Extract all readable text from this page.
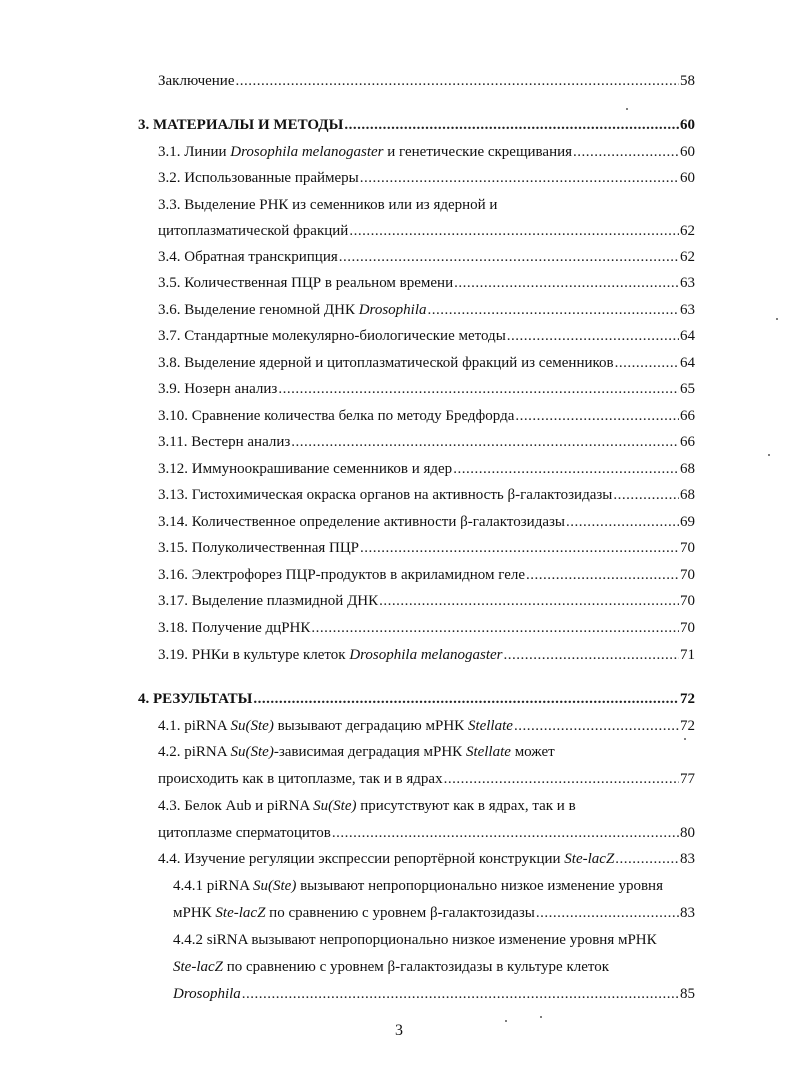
Заключение .....	58
3. МАТЕРИАЛЫ И МЕТОДЫ .....	60
3.1. Линии Drosophila melanogaster и генетические скрещивания .....	60
3.2. Использованные праймеры .....	60
3.3. Выделение РНК из семенников или из ядерной и
цитоплазматической фракций .....	62
3.4. Обратная транскрипция .....	62
3.5. Количественная ПЦР в реальном времени .....	63
3.6. Выделение геномной ДНК Drosophila .....	63
3.7. Стандартные молекулярно-биологические методы .....	64
3.8. Выделение ядерной и цитоплазматической фракций из семенников .....	64
3.9. Нозерн анализ .....	65
3.10. Сравнение количества белка по методу Бредфорда .....	66
3.11. Вестерн анализ .....	66
3.12. Иммуноокрашивание семенников и ядер .....	68
3.13. Гистохимическая окраска органов на активность β-галактозидазы .....	68
3.14. Количественное определение активности β-галактозидазы .....	69
3.15. Полуколичественная ПЦР .....	70
3.16. Электрофорез ПЦР-продуктов в акриламидном геле .....	70
3.17. Выделение плазмидной ДНК .....	70
3.18. Получение дцРНК .....	70
3.19. РНКи в культуре клеток Drosophila melanogaster .....	71
4. РЕЗУЛЬТАТЫ .....	72
4.1. piRNA Su(Ste) вызывают деградацию мРНК Stellate .....	72
4.2. piRNA Su(Ste)-зависимая деградация мРНК Stellate может
происходить как в цитоплазме, так и в ядрах .....	77
4.3. Белок Aub и piRNA Su(Ste) присутствуют как в ядрах, так и в
цитоплазме сперматоцитов .....	80
4.4. Изучение регуляции экспрессии репортёрной конструкции Ste-lacZ .....	83
4.4.1 piRNA Su(Ste) вызывают непропорционально низкое изменение уровня
мРНК Ste-lacZ по сравнению с уровнем β-галактозидазы .....	83
4.4.2 siRNA вызывают непропорционально низкое изменение уровня мРНК
Ste-lacZ по сравнению с уровнем β-галактозидазы в культуре клеток
Drosophila .....	85
3
